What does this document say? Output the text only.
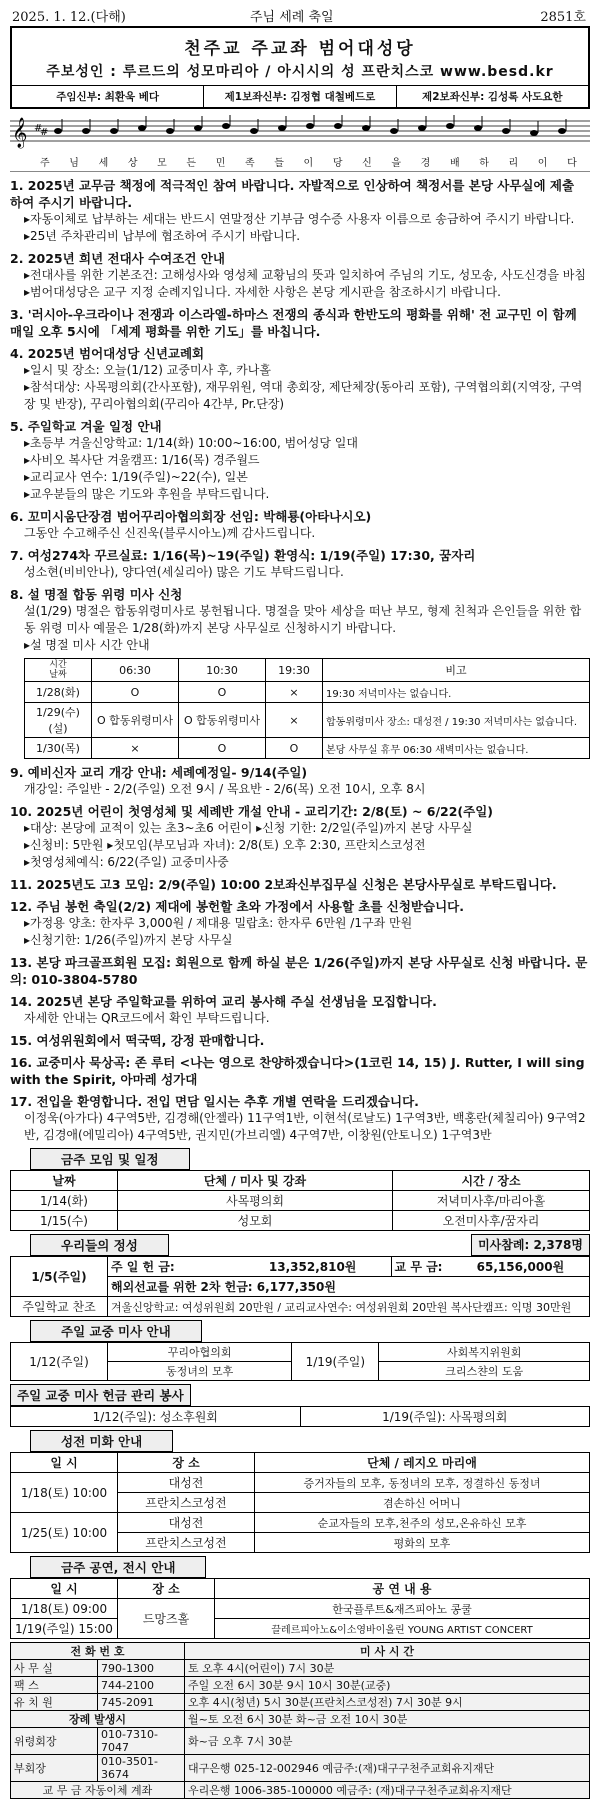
2025. 1. 12.(다해)	주님 세례 축일	2851호
천주교 주교좌 범어대성당
주보성인 : 루르드의 성모마리아 / 아시시의 성 프란치스코 www.besd.kr
주임신부: 최환욱 베다	제1보좌신부: 김정협 대철베드로	제2보좌신부: 김성록 사도요한
𝄞 #
#
주 님 세 상 모 든 민 족 들 이 당 신 을 경 배 하 리 이 다
1. 2025년 교무금 책정에 적극적인 참여 바랍니다. 자발적으로 인상하여 책정서를 본당 사무실에 제출 하여 주시기 바랍니다.
▸자동이체로 납부하는 세대는 반드시 연말정산 기부금 영수증 사용자 이름으로 송금하여 주시기 바랍니다.
▸25년 주차관리비 납부에 협조하여 주시기 바랍니다.
2. 2025년 희년 전대사 수여조건 안내
▸전대사를 위한 기본조건: 고해성사와 영성체 교황님의 뜻과 일치하여 주님의 기도, 성모송, 사도신경을 바침
▸범어대성당은 교구 지정 순례지입니다. 자세한 사항은 본당 게시판을 참조하시기 바랍니다.
3. '러시아-우크라이나 전쟁과 이스라엘-하마스 전쟁의 종식과 한반도의 평화를 위해' 전 교구민 이 함께 매일 오후 5시에 「세계 평화를 위한 기도」를 바칩니다.
4. 2025년 범어대성당 신년교례회
▸일시 및 장소: 오늘(1/12) 교중미사 후, 카나홀
▸참석대상: 사목평의회(간사포함), 재무위원, 역대 총회장, 제단체장(동아리 포함), 구역협의회(지역장, 구역장 및 반장), 꾸리아협의회(꾸리아 4간부, Pr.단장)
5. 주일학교 겨울 일정 안내
▸초등부 겨울신앙학교: 1/14(화) 10:00~16:00, 범어성당 일대
▸사비오 복사단 겨울캠프: 1/16(목) 경주월드
▸교리교사 연수: 1/19(주일)~22(수), 일본
▸교우분들의 많은 기도와 후원을 부탁드립니다.
6. 꼬미시움단장겸 범어꾸리아협의회장 선임: 박해룡(아타나시오)
그동안 수고해주신 신진욱(블루시아노)께 감사드립니다.
7. 여성274차 꾸르실료: 1/16(목)~19(주일) 환영식: 1/19(주일) 17:30, 꿈자리
성소현(비비안나), 양다연(세실리아) 많은 기도 부탁드립니다.
8. 설 명절 합동 위령 미사 신청
설(1/29) 명절은 합동위령미사로 봉헌됩니다. 명절을 맞아 세상을 떠난 부모, 형제 친척과 은인들을 위한 합동 위령 미사 예물은 1/28(화)까지 본당 사무실로 신청하시기 바랍니다.
▸설 명절 미사 시간 안내
시간
날짜	06:30	10:30	19:30	비고
1/28(화)	O	O	×	19:30 저녁미사는 없습니다.
1/29(수)(설)	O 합동위령미사	O 합동위령미사	×	합동위령미사 장소: 대성전 / 19:30 저녁미사는 없습니다.
1/30(목)	×	O	O	본당 사무실 휴무 06:30 새벽미사는 없습니다.
9. 예비신자 교리 개강 안내: 세례예정일- 9/14(주일)
개강일: 주일반 - 2/2(주일) 오전 9시 / 목요반 - 2/6(목) 오전 10시, 오후 8시
10. 2025년 어린이 첫영성체 및 세례반 개설 안내 - 교리기간: 2/8(토) ~ 6/22(주일)
▸대상: 본당에 교적이 있는 초3~초6 어린이 ▸신청 기한: 2/2일(주일)까지 본당 사무실
▸신청비: 5만원 ▸첫모임(부모님과 자녀): 2/8(토) 오후 2:30, 프란치스코성전
▸첫영성체예식: 6/22(주일) 교중미사중
11. 2025년도 고3 모임: 2/9(주일) 10:00 2보좌신부집무실 신청은 본당사무실로 부탁드립니다.
12. 주님 봉헌 축일(2/2) 제대에 봉헌할 초와 가정에서 사용할 초를 신청받습니다.
▸가정용 양초: 한자루 3,000원 / 제대용 밀랍초: 한자루 6만원 /1구좌 만원
▸신청기한: 1/26(주일)까지 본당 사무실
13. 본당 파크골프회원 모집: 회원으로 함께 하실 분은 1/26(주일)까지 본당 사무실로 신청 바랍니다. 문의: 010-3804-5780
14. 2025년 본당 주일학교를 위하여 교리 봉사해 주실 선생님을 모집합니다.
자세한 안내는 QR코드에서 확인 부탁드립니다.
15. 여성위원회에서 떡국떡, 강정 판매합니다.
16. 교중미사 묵상곡: 존 루터 <나는 영으로 찬양하겠습니다>(1코린 14, 15) J. Rutter, I will sing with the Spirit, 아마레 성가대
17. 전입을 환영합니다. 전입 면담 일시는 추후 개별 연락을 드리겠습니다.
이정욱(아가다) 4구역5반, 김경해(안젤라) 11구역1반, 이현석(로날도) 1구역3반, 백홍란(체칠리아) 9구역2반, 김경애(에밀리아) 4구역5반, 권지민(가브리엘) 4구역7반, 이창원(안토니오) 1구역3반
금주 모임 및 일정
날짜	단체 / 미사 및 강좌	시간 / 장소
1/14(화)	사목평의회	저녁미사후/마리아홀
1/15(수)	성모회	오전미사후/꿈자리
우리들의 정성	미사참례: 2,378명
1/5(주일)	주 일 헌 금: 13,352,810원	교 무 금: 65,156,000원
	해외선교를 위한 2차 헌금: 6,177,350원	
주일학교 찬조	겨울신앙학교: 여성위원회 20만원 / 교리교사연수: 여성위원회 20만원 복사단캠프: 익명 30만원	
주일 교중 미사 안내
1/12(주일)	꾸리아협의회	1/19(주일)	사회복지위원회
	동정녀의 모후		크리스챤의 도움
주일 교중 미사 헌금 관리 봉사
1/12(주일): 성소후원회	1/19(주일): 사목평의회
성전 미화 안내
일 시	장 소	단체 / 레지오 마리애
1/18(토) 10:00	대성전	증거자들의 모후, 동정녀의 모후, 정결하신 동정녀
	프란치스코성전	겸손하신 어머니
1/25(토) 10:00	대성전	순교자들의 모후,천주의 성모,온유하신 모후
	프란치스코성전	평화의 모후
금주 공연, 전시 안내
일 시	장 소	공 연 내 용
1/18(토) 09:00	드망즈홀	한국플루트&재즈피아노 콩쿨
1/19(주일) 15:00		끌레르피아노&이소영바이올린 YOUNG ARTIST CONCERT
전 화 번 호		미 사 시 간
사 무 실	790-1300	토 오후 4시(어린이) 7시 30분
팩 스	744-2100	주일 오전 6시 30분 9시 10시 30분(교중)
유 치 원	745-2091	오후 4시(청년) 5시 30분(프란치스코성전) 7시 30분 9시
장례 발생시		월~토 오전 6시 30분 화~금 오전 10시 30분
위령회장	010-7310-7047	화~금 오후 7시 30분
부회장	010-3501-3674	대구은행 025-12-002946 예금주:(재)대구구천주교회유지재단
교 무 금 자동이체 계좌		우리은행 1006-385-100000 예금주: (재)대구구천주교회유지재단
